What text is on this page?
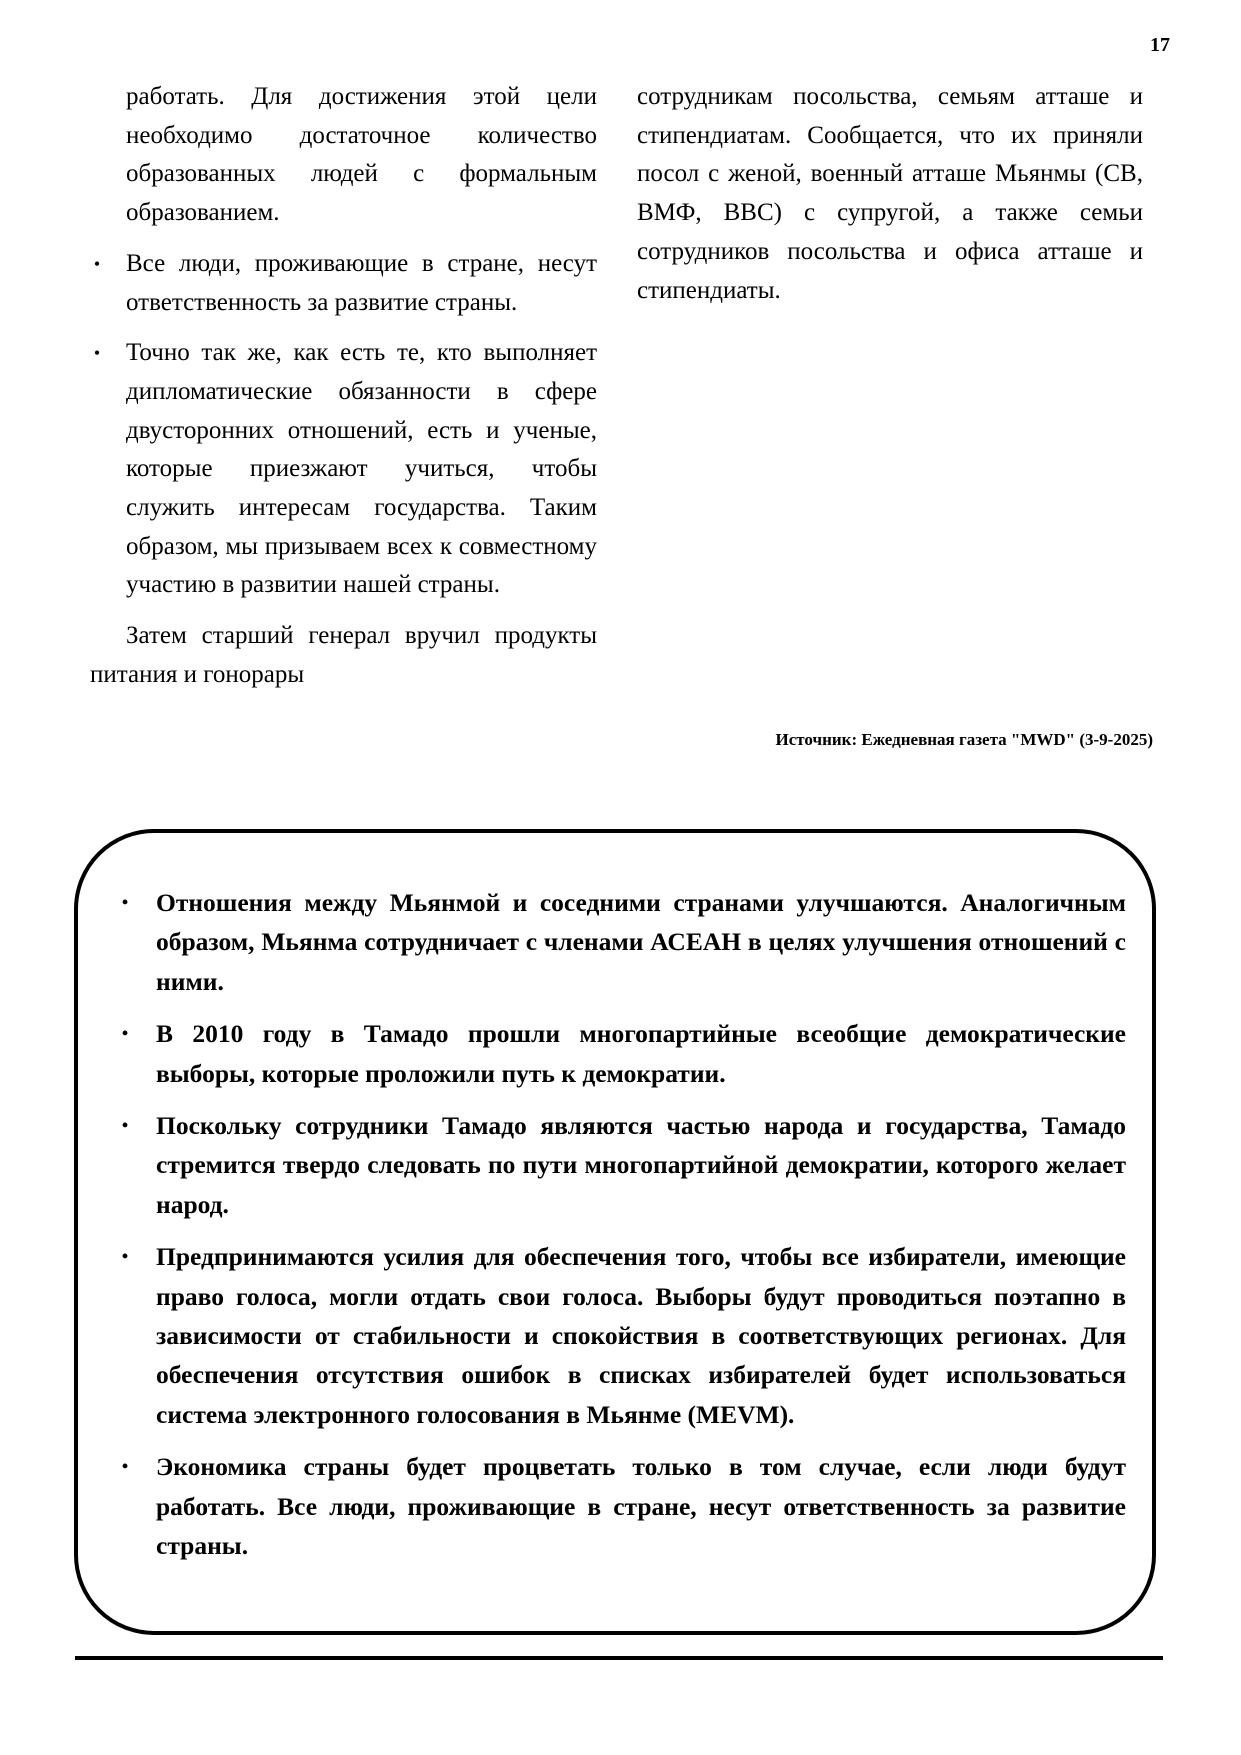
17

работать. Для достижения этой цели необходимо достаточное количество образованных людей с формальным образованием.

• Все люди, проживающие в стране, несут ответственность за развитие страны.
• Точно так же, как есть те, кто выполняет дипломатические обязанности в сфере двусторонних отношений, есть и ученые, которые приезжают учиться, чтобы служить интересам государства. Таким образом, мы призываем всех к совместному участию в развитии нашей страны.

Затем старший генерал вручил продукты питания и гонорары

сотрудникам посольства, семьям атташе и стипендиатам. Сообщается, что их приняли посол с женой, военный атташе Мьянмы (СВ, ВМФ, ВВС) с супругой, а также семьи сотрудников посольства и офиса атташе и стипендиаты.

Источник: Ежедневная газета "MWD" (3-9-2025)
• Отношения между Мьянмой и соседними странами улучшаются. Аналогичным образом, Мьянма сотрудничает с членами АСЕАН в целях улучшения отношений с ними.
• В 2010 году в Тамадо прошли многопартийные всеобщие демократические выборы, которые проложили путь к демократии.
• Поскольку сотрудники Тамадо являются частью народа и государства, Тамадо стремится твердо следовать по пути многопартийной демократии, которого желает народ.
• Предпринимаются усилия для обеспечения того, чтобы все избиратели, имеющие право голоса, могли отдать свои голоса. Выборы будут проводиться поэтапно в зависимости от стабильности и спокойствия в соответствующих регионах. Для обеспечения отсутствия ошибок в списках избирателей будет использоваться система электронного голосования в Мьянме (MEVM).
• Экономика страны будет процветать только в том случае, если люди будут работать. Все люди, проживающие в стране, несут ответственность за развитие страны.
